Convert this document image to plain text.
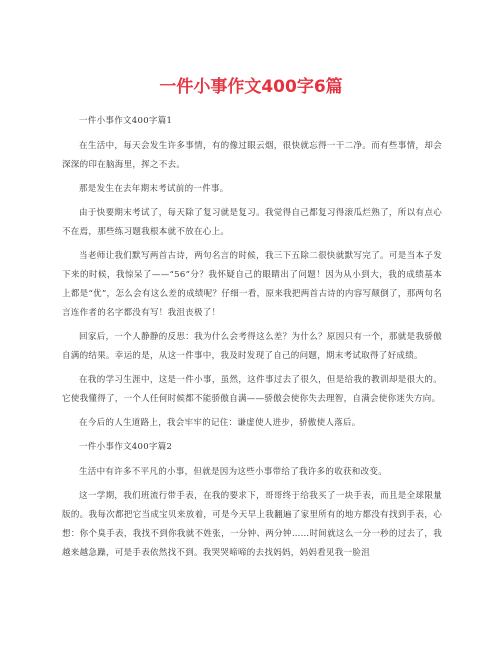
一件小事作文400字6篇

一件小事作文400字篇1

在生活中，每天会发生许多事情，有的像过眼云烟，很快就忘得一干二净。而有些事情，却会深深的印在脑海里，挥之不去。

那是发生在去年期末考试前的一件事。

由于快要期末考试了，每天除了复习就是复习。我觉得自己都复习得滚瓜烂熟了，所以有点心不在焉，那些练习题我根本就不放在心上。

当老师让我们默写两首古诗，两句名言的时候，我三下五除二很快就默写完了。可是当本子发下来的时候，我惊呆了——“56”分？我怀疑自己的眼睛出了问题！因为从小到大，我的成绩基本上都是“优”，怎么会有这么差的成绩呢？仔细一看，原来我把两首古诗的内容写颠倒了，那两句名言连作者的名字都没有写！我沮丧极了！

回家后，一个人静静的反思：我为什么会考得这么差？为什么？原因只有一个，那就是我骄傲自满的结果。幸运的是，从这一件事中，我及时发现了自己的问题，期末考试取得了好成绩。

在我的学习生涯中，这是一件小事，虽然，这件事过去了很久，但是给我的教训却是很大的。它使我懂得了，一个人任何时候都不能骄傲自满——骄傲会使你失去理智，自满会使你迷失方向。

在今后的人生道路上，我会牢牢的记住：谦虚使人进步，骄傲使人落后。

一件小事作文400字篇2

生活中有许多不平凡的小事，但就是因为这些小事带给了我许多的收获和改变。

这一学期，我们班流行带手表，在我的要求下，哥哥终于给我买了一块手表，而且是全球限量版的。我每次都把它当成宝贝来放着，可是今天早上我翻遍了家里所有的地方都没有找到手表，心想：你个臭手表，我找不到你我就不姓张，一分钟、两分钟……时间就这么一分一秒的过去了，我越来越急躁，可是手表依然找不到。我哭哭啼啼的去找妈妈，妈妈看见我一脸沮
